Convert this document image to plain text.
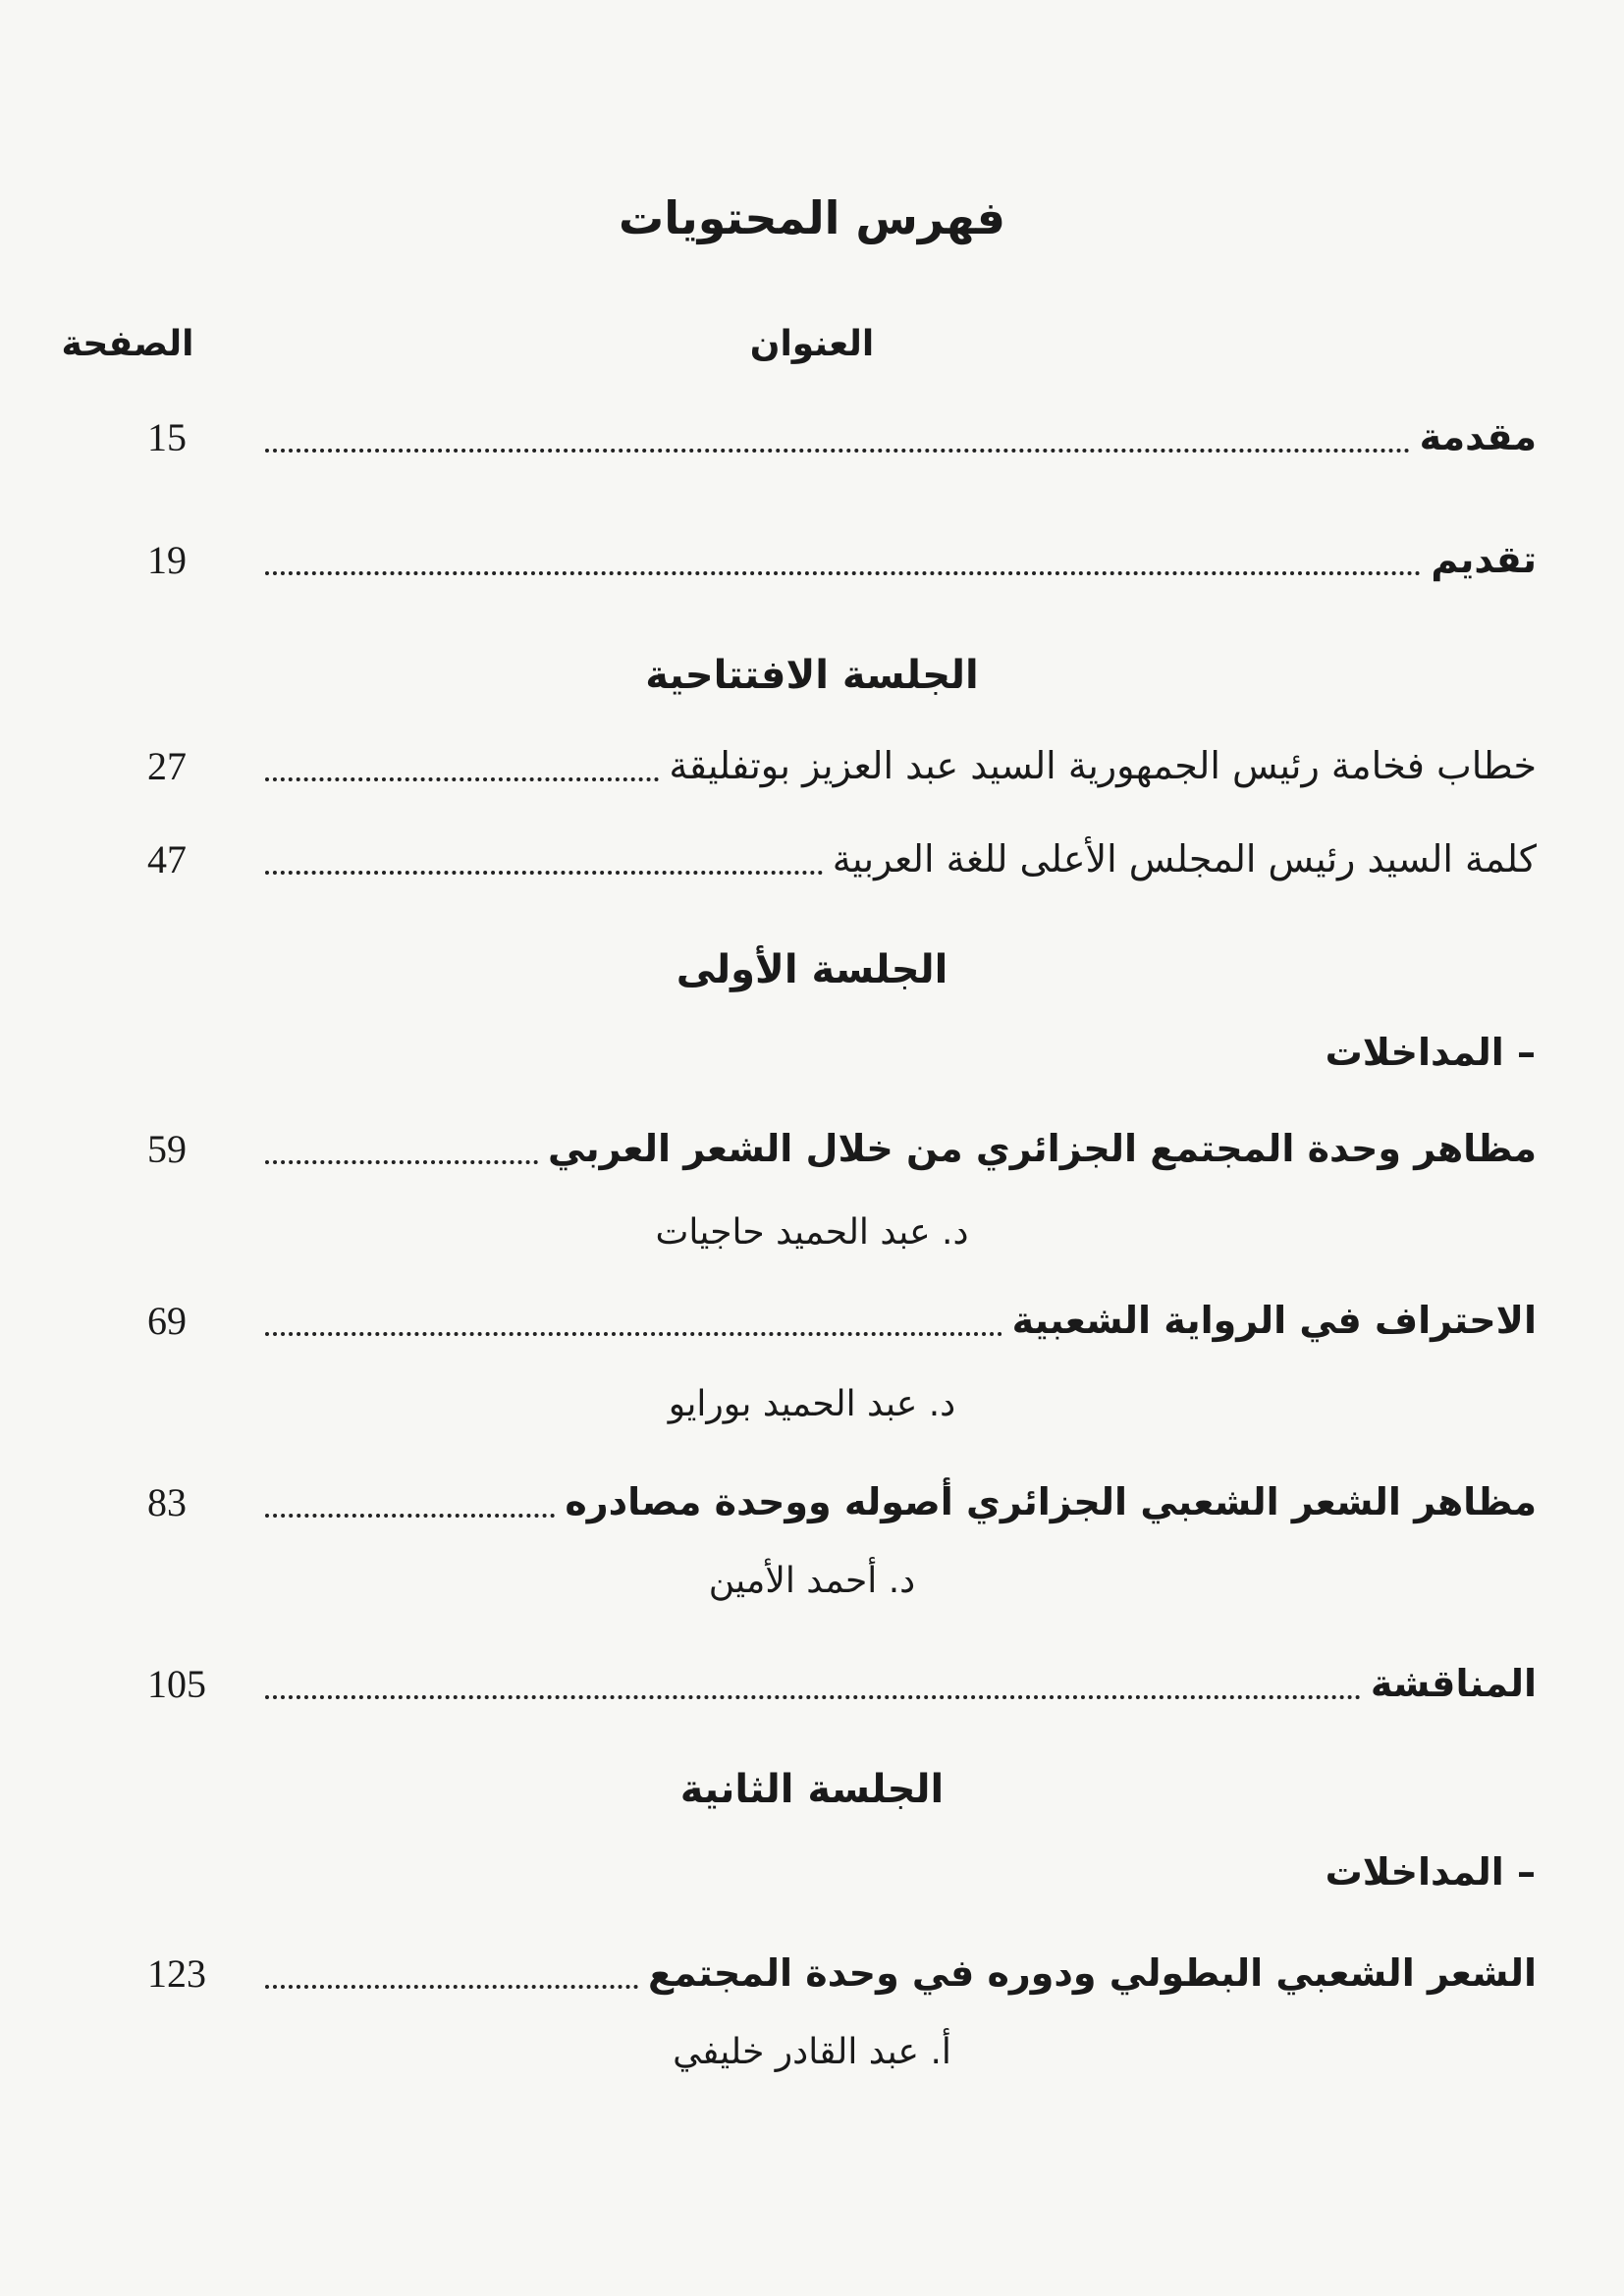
فهرس المحتويات
العنوان
الصفحة
مقدمة
15
تقديم
19
الجلسة الافتتاحية
خطاب فخامة رئيس الجمهورية السيد عبد العزيز بوتفليقة
27
كلمة السيد رئيس المجلس الأعلى للغة العربية
47
الجلسة الأولى
– المداخلات
مظاهر وحدة المجتمع الجزائري من خلال الشعر العربي
59
د. عبد الحميد حاجيات
الاحتراف في الرواية الشعبية
69
د. عبد الحميد بورايو
مظاهر الشعر الشعبي الجزائري أصوله ووحدة مصادره
83
د. أحمد الأمين
المناقشة
105
الجلسة الثانية
– المداخلات
الشعر الشعبي البطولي ودوره في وحدة المجتمع
123
أ. عبد القادر خليفي
